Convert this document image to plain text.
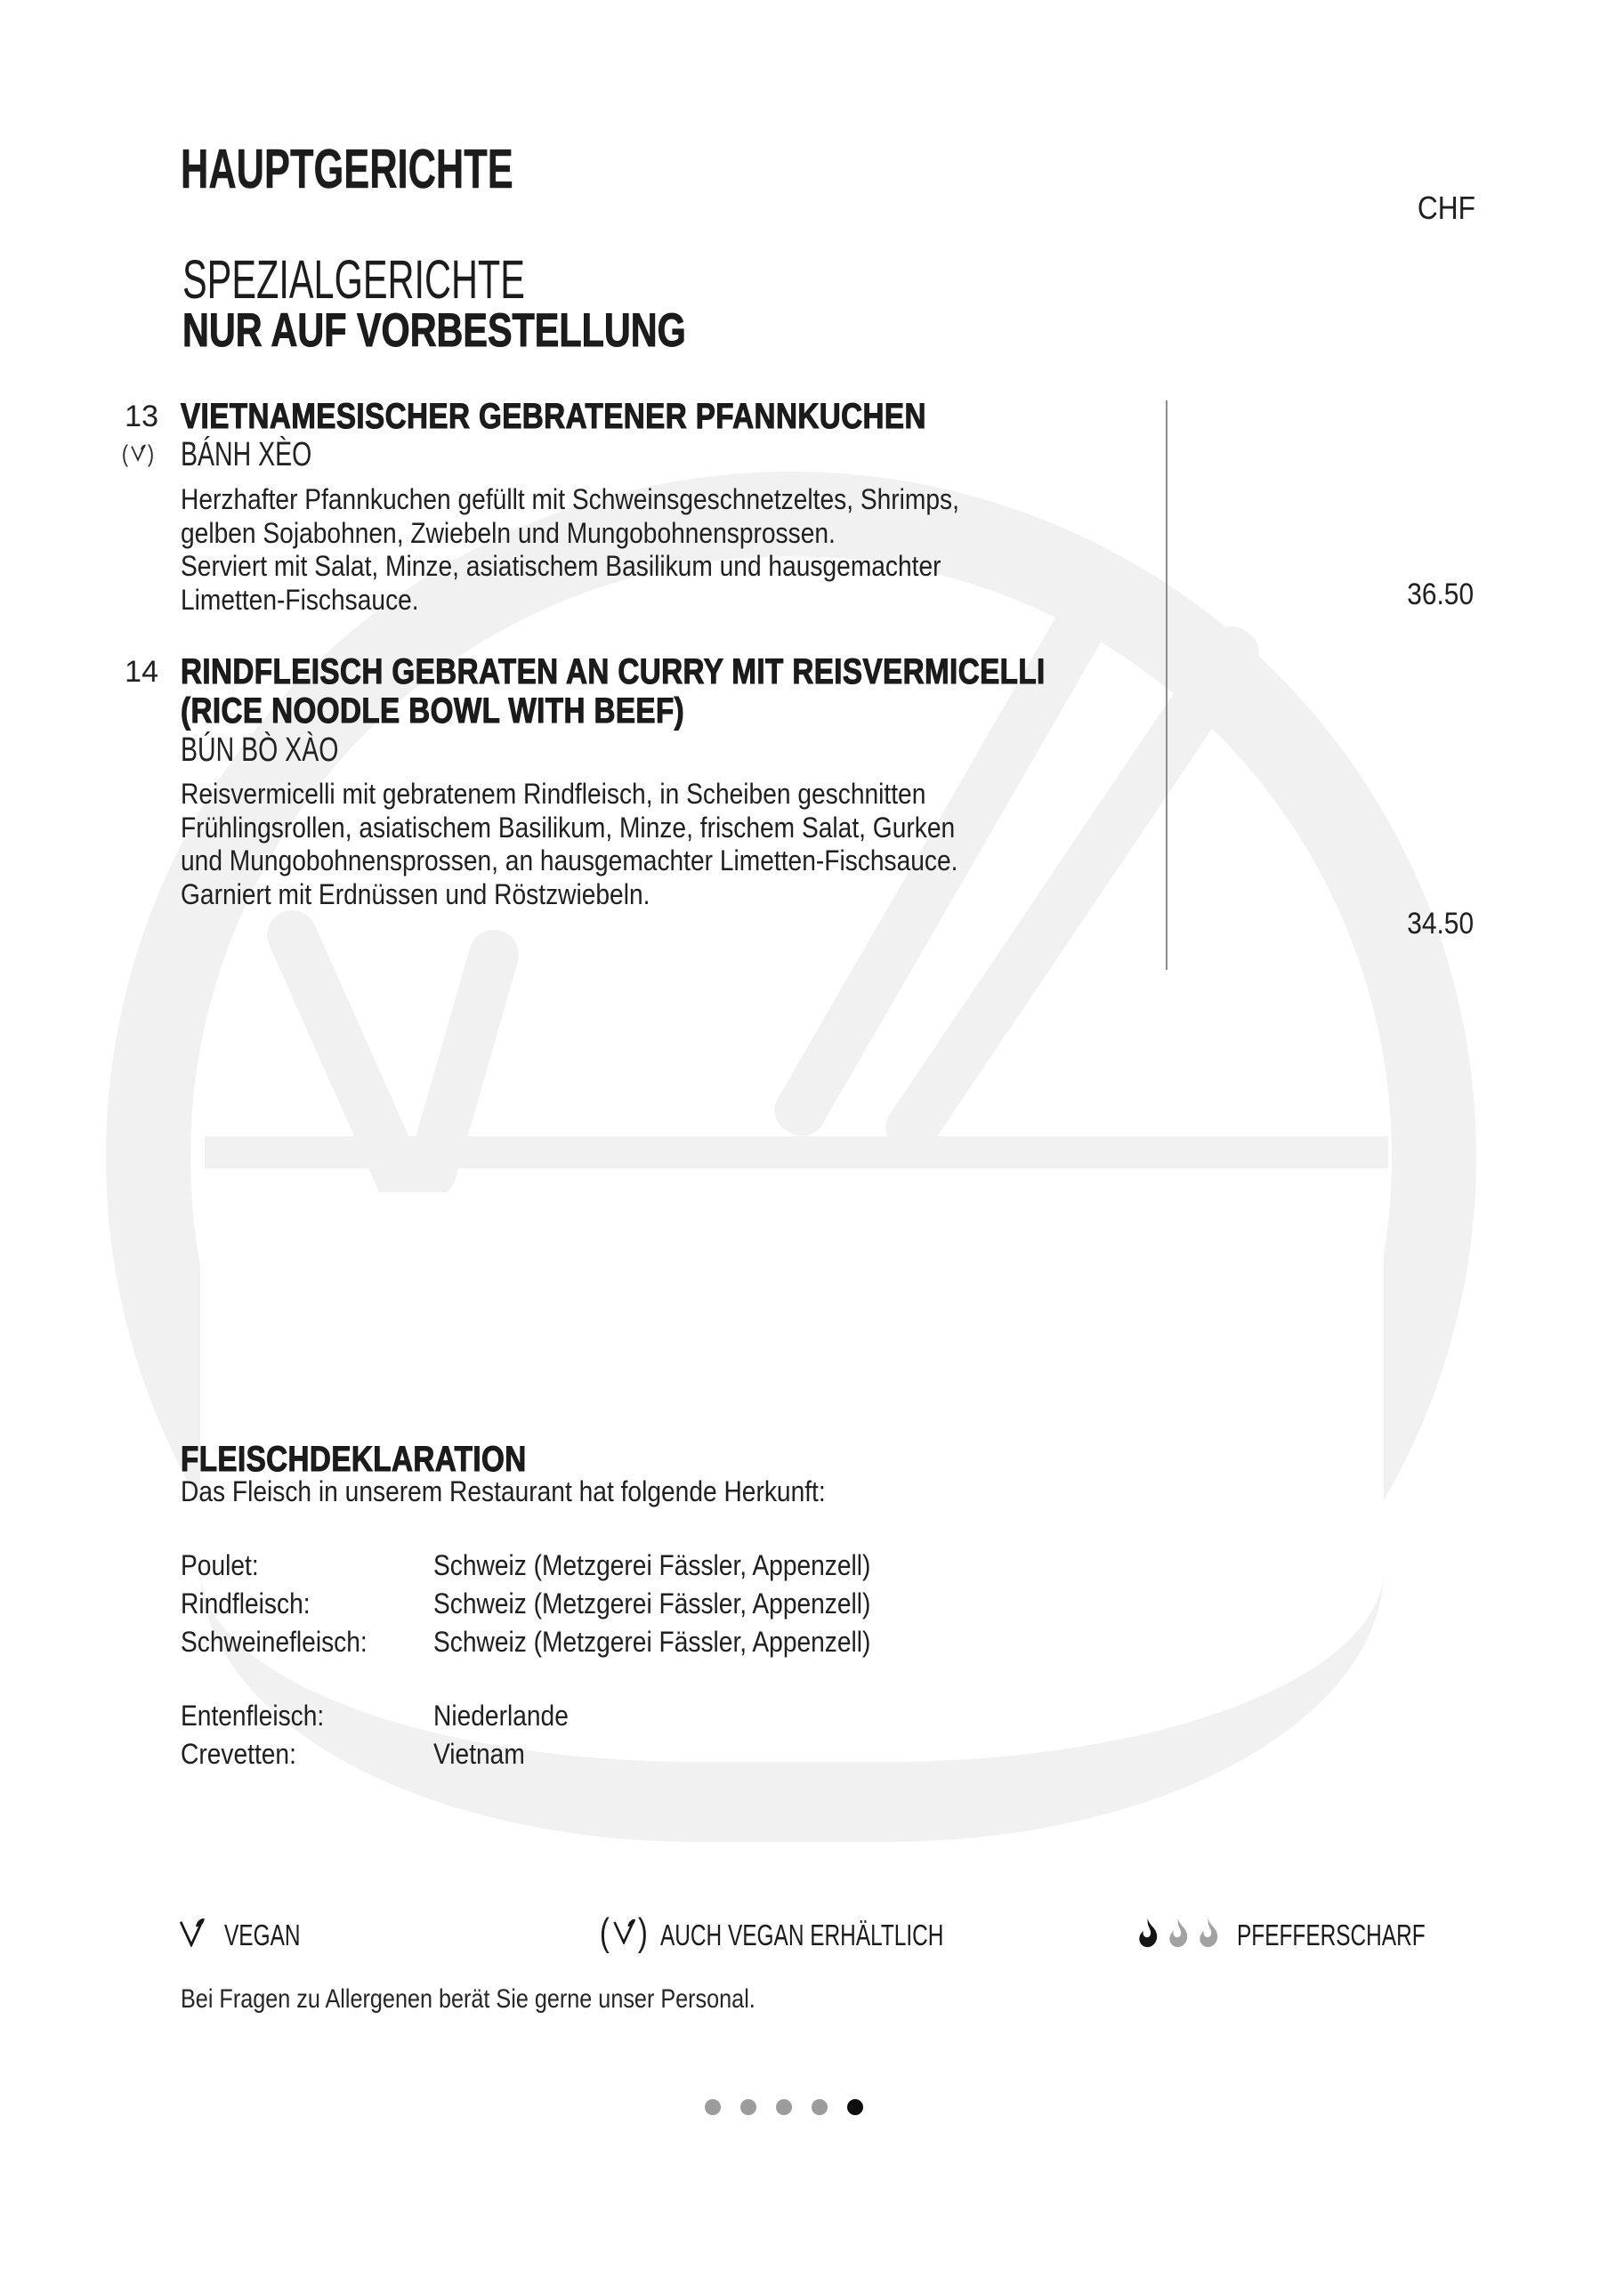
HAUPTGERICHTE
CHF
SPEZIALGERICHTE
NUR AUF VORBESTELLUNG
13
( )
VIETNAMESISCHER GEBRATENER PFANNKUCHEN
BÁNH XÈO
Herzhafter Pfannkuchen gefüllt mit Schweinsgeschnetzeltes, Shrimps,
gelben Sojabohnen, Zwiebeln und Mungobohnensprossen.
Serviert mit Salat, Minze, asiatischem Basilikum und hausgemachter
Limetten-Fischsauce.	36.50
14 RINDFLEISCH GEBRATEN AN CURRY MIT REISVERMICELLI
(RICE NOODLE BOWL WITH BEEF)
BÚN BÒ XÀO
Reisvermicelli mit gebratenem Rindfleisch, in Scheiben geschnitten
Frühlingsrollen, asiatischem Basilikum, Minze, frischem Salat, Gurken
und Mungobohnensprossen, an hausgemachter Limetten-Fischsauce.
Garniert mit Erdnüssen und Röstzwiebeln.
34.50
FLEISCHDEKLARATION
Das Fleisch in unserem Restaurant hat folgende Herkunft:
Poulet:	Schweiz (Metzgerei Fässler, Appenzell)
Rindfleisch:	Schweiz (Metzgerei Fässler, Appenzell)
Schweinefleisch:	Schweiz (Metzgerei Fässler, Appenzell)
Entenfleisch:	Niederlande
Crevetten:	Vietnam
VEGAN	( ) AUCH VEGAN ERHÄLTLICH	PFEFFERSCHARF
Bei Fragen zu Allergenen berät Sie gerne unser Personal.
